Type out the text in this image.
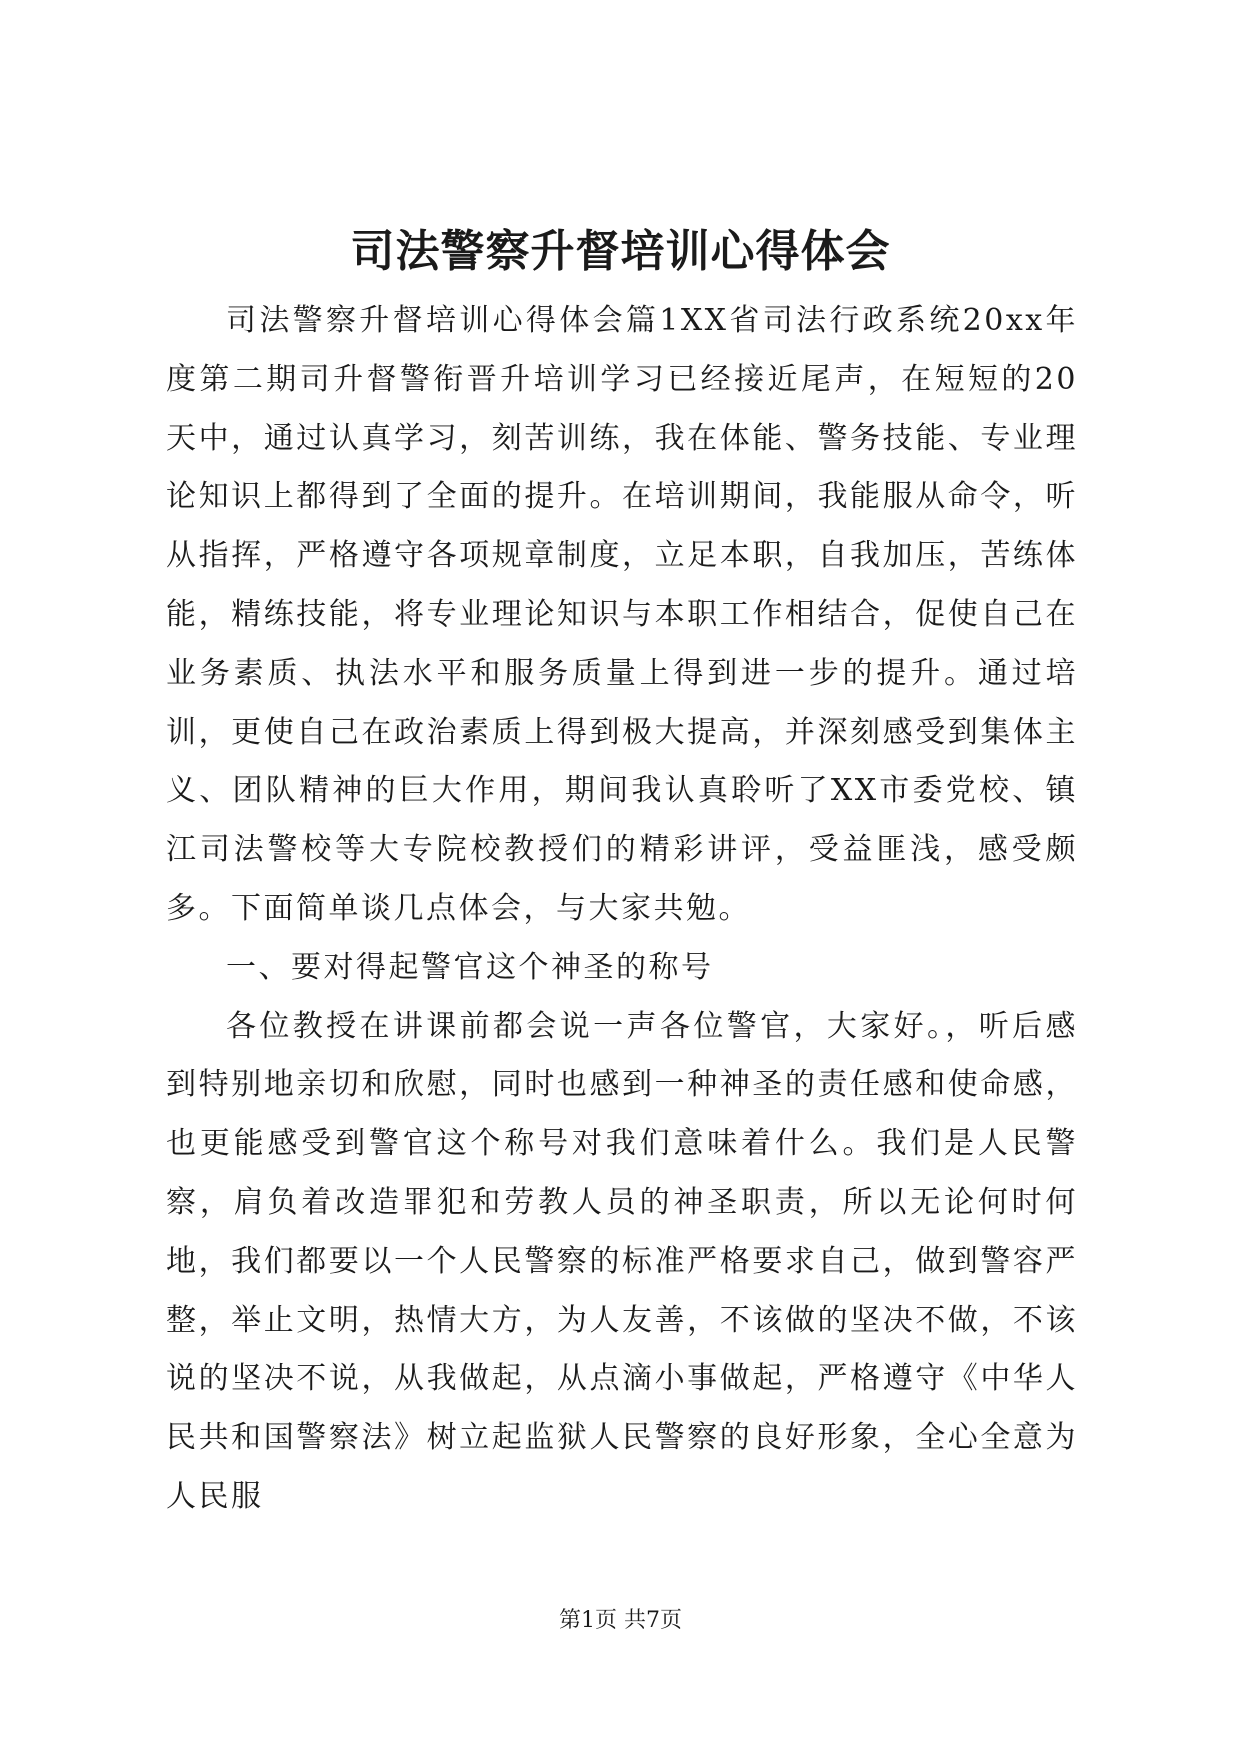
司法警察升督培训心得体会

司法警察升督培训心得体会篇1XX省司法行政系统20xx年度第二期司升督警衔晋升培训学习已经接近尾声，在短短的20天中，通过认真学习，刻苦训练，我在体能、警务技能、专业理论知识上都得到了全面的提升。在培训期间，我能服从命令，听从指挥，严格遵守各项规章制度，立足本职，自我加压，苦练体能，精练技能，将专业理论知识与本职工作相结合，促使自己在业务素质、执法水平和服务质量上得到进一步的提升。通过培训，更使自己在政治素质上得到极大提高，并深刻感受到集体主义、团队精神的巨大作用，期间我认真聆听了XX市委党校、镇江司法警校等大专院校教授们的精彩讲评，受益匪浅，感受颇多。下面简单谈几点体会，与大家共勉。

一、要对得起警官这个神圣的称号

各位教授在讲课前都会说一声各位警官，大家好。，听后感到特别地亲切和欣慰，同时也感到一种神圣的责任感和使命感，也更能感受到警官这个称号对我们意味着什么。我们是人民警察，肩负着改造罪犯和劳教人员的神圣职责，所以无论何时何地，我们都要以一个人民警察的标准严格要求自己，做到警容严整，举止文明，热情大方，为人友善，不该做的坚决不做，不该说的坚决不说，从我做起，从点滴小事做起，严格遵守《中华人民共和国警察法》树立起监狱人民警察的良好形象，全心全意为人民服

第1页 共7页
